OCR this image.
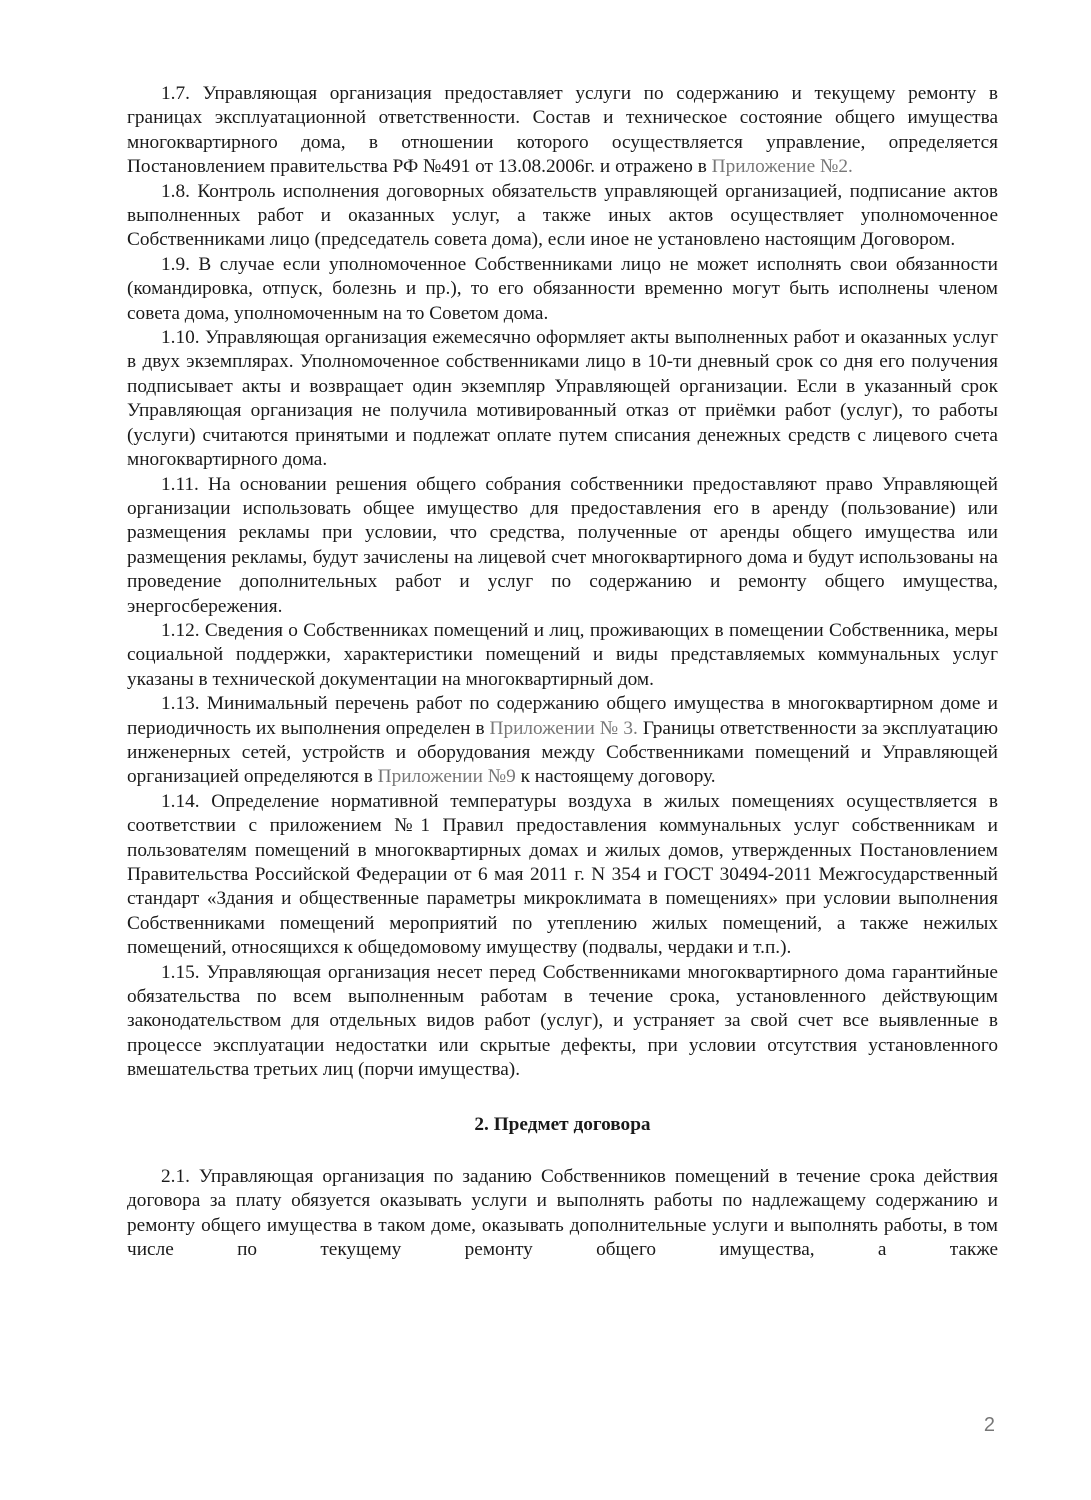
1.7. Управляющая организация предоставляет услуги по содержанию и текущему ремонту в границах эксплуатационной ответственности. Состав и техническое состояние общего имущества многоквартирного дома, в отношении которого осуществляется управление, определяется Постановлением правительства РФ №491 от 13.08.2006г. и отражено в Приложение №2.

1.8. Контроль исполнения договорных обязательств управляющей организацией, подписание актов выполненных работ и оказанных услуг, а также иных актов осуществляет уполномоченное Собственниками лицо (председатель совета дома), если иное не установлено настоящим Договором.

1.9. В случае если уполномоченное Собственниками лицо не может исполнять свои обязанности (командировка, отпуск, болезнь и пр.), то его обязанности временно могут быть исполнены членом совета дома, уполномоченным на то Советом дома.

1.10. Управляющая организация ежемесячно оформляет акты выполненных работ и оказанных услуг в двух экземплярах. Уполномоченное собственниками лицо в 10-ти дневный срок со дня его получения подписывает акты и возвращает один экземпляр Управляющей организации. Если в указанный срок Управляющая организация не получила мотивированный отказ от приёмки работ (услуг), то работы (услуги) считаются принятыми и подлежат оплате путем списания денежных средств с лицевого счета многоквартирного дома.

1.11. На основании решения общего собрания собственники предоставляют право Управляющей организации использовать общее имущество для предоставления его в аренду (пользование) или размещения рекламы при условии, что средства, полученные от аренды общего имущества или размещения рекламы, будут зачислены на лицевой счет многоквартирного дома и будут использованы на проведение дополнительных работ и услуг по содержанию и ремонту общего имущества, энергосбережения.

1.12. Сведения о Собственниках помещений и лиц, проживающих в помещении Собственника, меры социальной поддержки, характеристики помещений и виды представляемых коммунальных услуг указаны в технической документации на многоквартирный дом.

1.13. Минимальный перечень работ по содержанию общего имущества в многоквартирном доме и периодичность их выполнения определен в Приложении № 3. Границы ответственности за эксплуатацию инженерных сетей, устройств и оборудования между Собственниками помещений и Управляющей организацией определяются в Приложении №9 к настоящему договору.

1.14. Определение нормативной температуры воздуха в жилых помещениях осуществляется в соответствии с приложением №1 Правил предоставления коммунальных услуг собственникам и пользователям помещений в многоквартирных домах и жилых домов, утвержденных Постановлением Правительства Российской Федерации от 6 мая 2011 г. N 354 и ГОСТ 30494-2011 Межгосударственный стандарт «Здания и общественные параметры микроклимата в помещениях» при условии выполнения Собственниками помещений мероприятий по утеплению жилых помещений, а также нежилых помещений, относящихся к общедомовому имуществу (подвалы, чердаки и т.п.).

1.15. Управляющая организация несет перед Собственниками многоквартирного дома гарантийные обязательства по всем выполненным работам в течение срока, установленного действующим законодательством для отдельных видов работ (услуг), и устраняет за свой счет все выявленные в процессе эксплуатации недостатки или скрытые дефекты, при условии отсутствия установленного вмешательства третьих лиц (порчи имущества).

2. Предмет договора

2.1. Управляющая организация по заданию Собственников помещений в течение срока действия договора за плату обязуется оказывать услуги и выполнять работы по надлежащему содержанию и ремонту общего имущества в таком доме, оказывать дополнительные услуги и выполнять работы, в том числе по текущему ремонту общего имущества, а также

2
